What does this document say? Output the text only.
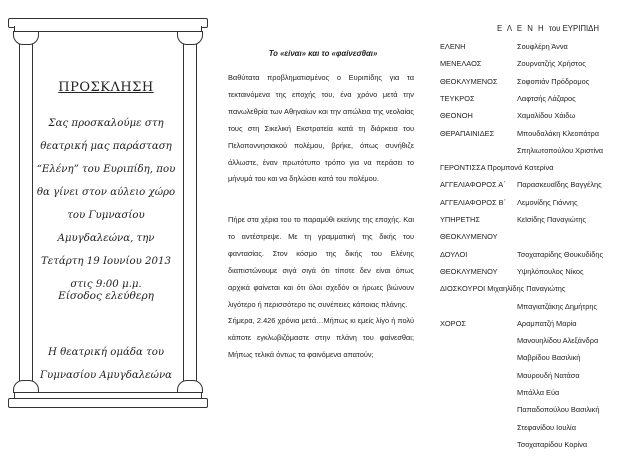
ΠΡΟΣΚΛΗΣΗ
Σας προσκαλούμε στη θεατρική μας παράσταση “Ελένη” του Ευριπίδη, που θα γίνει στον αύλειο χώρο του Γυμνασίου Αμυγδαλεώνα, την Τετάρτη 19 Ιουνίου 2013 στις 9:00 μ.μ.
Είσοδος ελεύθερη
Η θεατρική ομάδα του Γυμνασίου Αμυγδαλεώνα
Το «είναι» και το «φαίνεσθαι»
Βαθύτατα προβληματισμένος ο Ευριπίδης για τα τεκταινόμενα της εποχής του, ένα χρόνο μετά την πανωλεθρία των Αθηναίων και την απώλεια της νεολαίας τους στη Σικελική Εκστρατεία κατά τη διάρκεια του Πελοποννησιακού πολέμου, βρήκε, όπως συνήθιζε άλλωστε, έναν πρωτότυπο τρόπο για να περάσει το μήνυμά του και να δηλώσει κατά του πολέμου.
Πήρε στα χέρια του το παραμύθι εκείνης της εποχής. Και το αντέστρεψε. Με τη γραμματική της δικής του φαντασίας. Στον κόσμο της δικής του Ελένης διαπιστώνουμε σιγά σιγά ότι τίποτε δεν είναι όπως αρχικά φαίνεται και ότι όλοι σχεδόν οι ήρωες βιώνουν λιγότερο ή περισσότερο τις συνέπειες κάποιας πλάνης.
Σήμερα, 2.426 χρόνια μετά…Μήπως κι εμείς λίγο ή πολύ κάποτε εγκλωβιζόμαστε στην πλάνη του φαίνεσθαι; Μήπως τελικά όντως τα φαινόμενα απατούν;
Ε Λ Ε Ν Η του ΕΥΡΙΠΙΔΗ
ΕΛΕΝΗ	Σουφλέρη Άννα
ΜΕΝΕΛΑΟΣ	Ζουρνατζής Χρήστος
ΘΕΟΚΛΥΜΕΝΟΣ	Σοφοπιάν Πρόδρομος
ΤΕΥΚΡΟΣ	Λαφτσής Λάζαρος
ΘΕΟΝΟΗ	Χαμαλίδου Χάιδω
ΘΕΡΑΠΑΙΝΙΔΕΣ	Μπουδαλάκη Κλεοπάτρα
Σπηλιωτοπούλου Χριστίνα
ΓΕΡΟΝΤΙΣΣΑ Προμπονά Κατερίνα
ΑΓΓΕΛΙΑΦΟΡΟΣ Α΄ Παρασκευαΐδης Βαγγέλης
ΑΓΓΕΛΙΑΦΟΡΟΣ Β΄ Λεμονίδης Γιάννης
ΥΠΗΡΕΤΗΣ	Κεϊσίδης Παναγιώτης
ΘΕΟΚΛΥΜΕΝΟΥ
ΔΟΥΛΟΙ	Τσοχαταρίδης Θουκυδίδης
ΘΕΟΚΛΥΜΕΝΟΥ	Υψηλόπουλος Νίκος
ΔΙΟΣΚΟΥΡΟΙ Μιχαηλίδης Παναγιώτης
Μπαγιατζάκης Δημήτρης
ΧΟΡΟΣ	Αραμπατζή Μαρία
Μανουηλίδου Αλεξάνδρα
Μαβρίδου Βασιλική
Μαυρουδή Νατάσα
Μπάλλα Εύα
Παπαδοπούλου Βασιλική
Στεφανίδου Ιουλία
Τσοχαταρίδου Κορίνα
